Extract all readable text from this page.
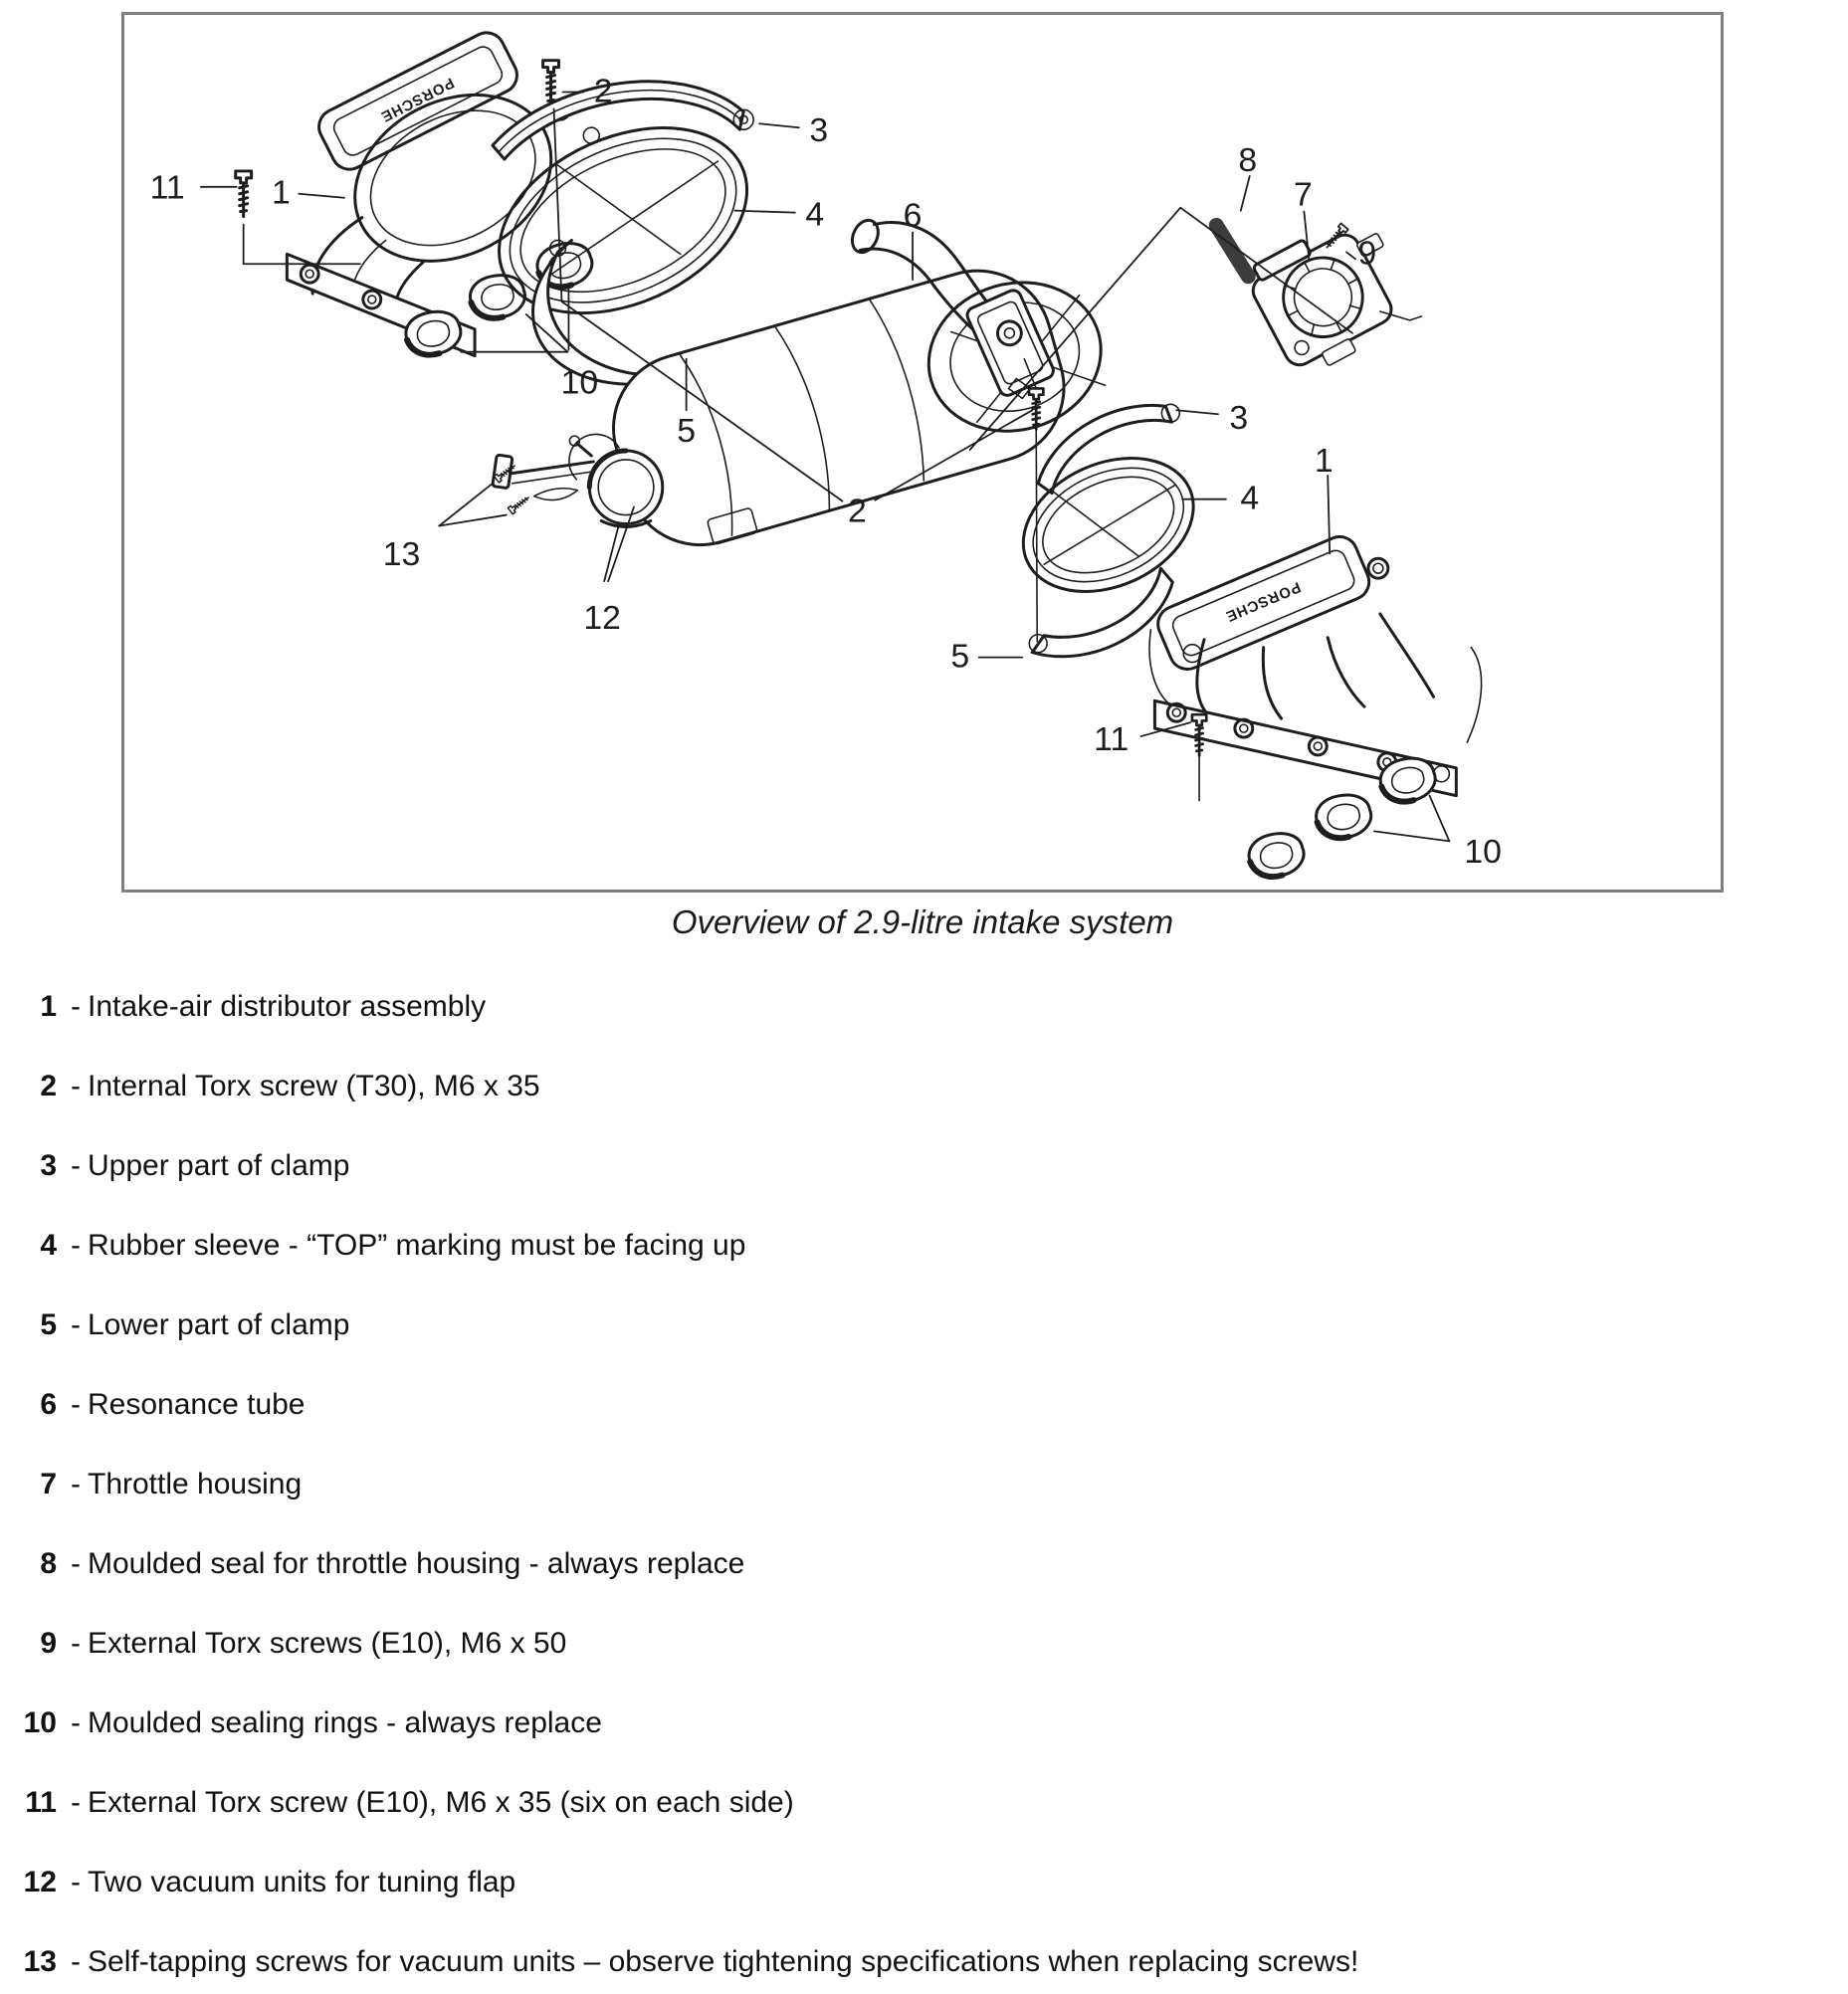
PORSCHE
PORSCHE
11	1
2
3
4
10
5
13
12
2
6
8
7
9
3
4
1
5
11
10
Overview of 2.9-litre intake system
1 - Intake-air distributor assembly
2 - Internal Torx screw (T30), M6 x 35
3 - Upper part of clamp
4 - Rubber sleeve - “TOP” marking must be facing up
5 - Lower part of clamp
6 - Resonance tube
7 - Throttle housing
8 - Moulded seal for throttle housing - always replace
9 - External Torx screws (E10), M6 x 50
10 - Moulded sealing rings - always replace
11 - External Torx screw (E10), M6 x 35 (six on each side)
12 - Two vacuum units for tuning flap
13 - Self-tapping screws for vacuum units – observe tightening specifications when replacing screws!
